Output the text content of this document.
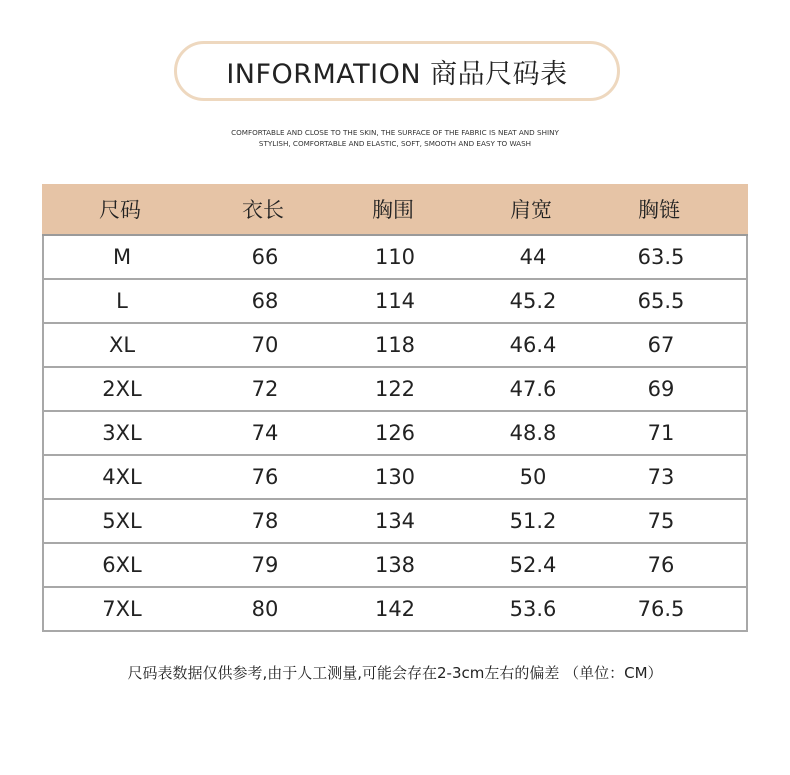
INFORMATION 商品尺码表
COMFORTABLE AND CLOSE TO THE SKIN, THE SURFACE OF THE FABRIC IS NEAT AND SHINY
STYLISH, COMFORTABLE AND ELASTIC, SOFT, SMOOTH AND EASY TO WASH
尺码	衣长	胸围	肩宽	胸链
M	66	110	44	63.5
L	68	114	45.2	65.5
XL	70	118	46.4	67
2XL	72	122	47.6	69
3XL	74	126	48.8	71
4XL	76	130	50	73
5XL	78	134	51.2	75
6XL	79	138	52.4	76
7XL	80	142	53.6	76.5
尺码表数据仅供参考,由于人工测量,可能会存在2-3cm左右的偏差 （单位：CM）
